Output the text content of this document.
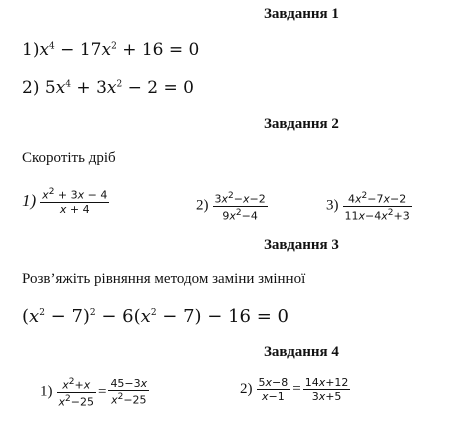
Завдання 1
$1)x^4 - 17x^2 + 16 = 0$
2) $5x^4 + 3x^2 - 2 = 0$
Завдання 2
Скоротіть дріб
$1) \frac{x^2 + 3x - 4}{x + 4}$	$2) \frac{3x^2-x-2}{9x^2-4}$	$3) \frac{4x^2-7x-2}{11x-4x^2+3}$
Завдання 3
Розв’яжіть рівняння методом заміни змінної
$(x^2 - 7)^2 - 6(x^2 - 7) - 16 = 0$
Завдання 4
$1) \frac{x^2+x}{x^2-25} = \frac{45-3x}{x^2-25}$	$2) \frac{5x-8}{x-1} = \frac{14x+12}{3x+5}$
